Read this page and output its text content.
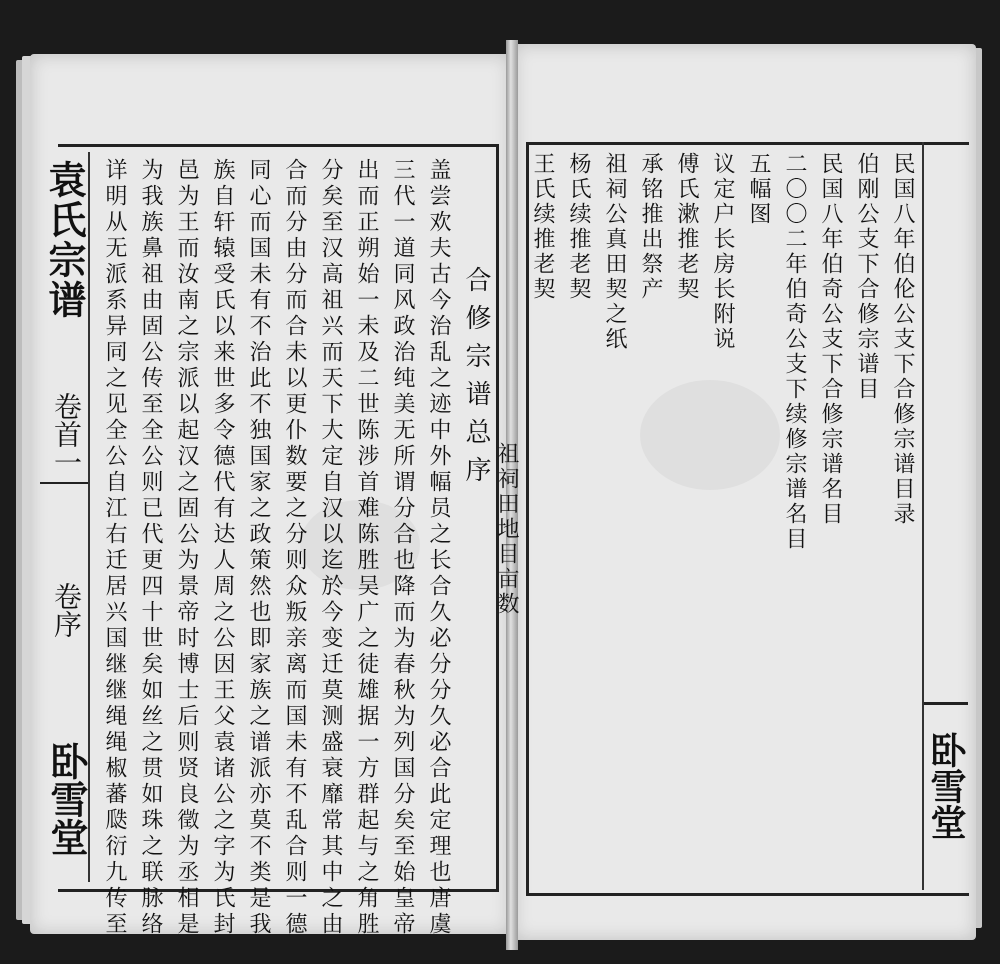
袁氏宗谱
卷首一
卷序
卧雪堂	卧雪堂
合修宗谱总序
盖尝欢夫古今治乱之迹中外幅员之长合久必分分久必合此定理也唐虞
三代一道同风政治纯美无所谓分合也降而为春秋为列国分矣至始皇帝
出而正朔始一未及二世陈涉首难陈胜吴广之徒雄据一方群起与之角胜
分矣至汉高祖兴而天下大定自汉以迄於今变迁莫测盛衰靡常其中之由
合而分由分而合未以更仆数要之分则众叛亲离而国未有不乱合则一德
同心而国未有不治此不独国家之政策然也即家族之谱派亦莫不类是我
族自轩辕受氏以来世多令德代有达人周之公因王父袁诸公之字为氏封
邑为王而汝南之宗派以起汉之固公为景帝时博士后则贤良徵为丞相是
为我族鼻祖由固公传至全公则已代更四十世矣如丝之贯如珠之联脉络
详明从无派系异同之见全公自江右迁居兴国继继绳绳椒蕃瓞衍九传至	民国八年伯伦公支下合修宗谱目录
伯刚公支下合修宗谱目
民国八年伯奇公支下合修宗谱名目
二〇〇二年伯奇公支下续修宗谱名目
五幅图
议定户长房长附说
傅氏漱推老契
承铭推出祭产
祖祠公真田契之纸
杨氏续推老契
王氏续推老契
祖祠田地目亩数
